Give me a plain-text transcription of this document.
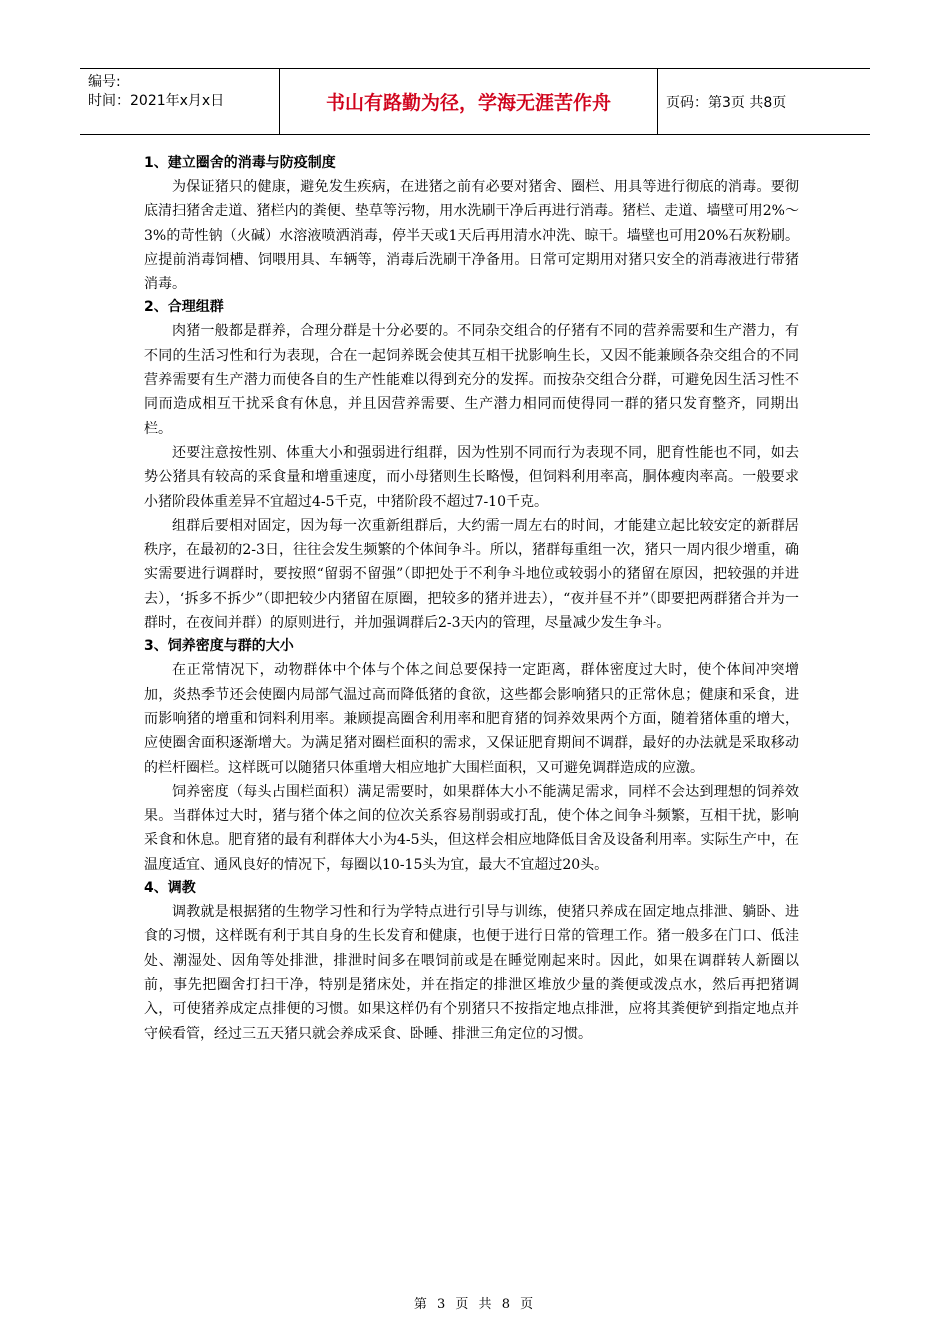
编号:
时间：2021年x月x日	书山有路勤为径，学海无涯苦作舟	页码：第3页 共8页
1、建立圈舍的消毒与防疫制度

为保证猪只的健康，避免发生疾病，在进猪之前有必要对猪舍、圈栏、用具等进行彻底的消毒。要彻底清扫猪舍走道、猪栏内的粪便、垫草等污物，用水洗刷干净后再进行消毒。猪栏、走道、墙壁可用2%～3%的苛性钠（火碱）水溶液喷洒消毒，停半天或1天后再用清水冲洗、晾干。墙壁也可用20%石灰粉刷。应提前消毒饲槽、饲喂用具、车辆等，消毒后洗刷干净备用。日常可定期用对猪只安全的消毒液进行带猪消毒。

2、合理组群

肉猪一般都是群养，合理分群是十分必要的。不同杂交组合的仔猪有不同的营养需要和生产潜力，有不同的生活习性和行为表现，合在一起饲养既会使其互相干扰影响生长，又因不能兼顾各杂交组合的不同营养需要有生产潜力而使各自的生产性能难以得到充分的发挥。而按杂交组合分群，可避免因生活习性不同而造成相互干扰采食有休息，并且因营养需要、生产潜力相同而使得同一群的猪只发育整齐，同期出栏。

还要注意按性别、体重大小和强弱进行组群，因为性别不同而行为表现不同，肥育性能也不同，如去势公猪具有较高的采食量和增重速度，而小母猪则生长略慢，但饲料利用率高，胴体瘦肉率高。一般要求小猪阶段体重差异不宜超过4-5千克，中猪阶段不超过7-10千克。

组群后要相对固定，因为每一次重新组群后，大约需一周左右的时间，才能建立起比较安定的新群居秩序，在最初的2-3日，往往会发生频繁的个体间争斗。所以，猪群每重组一次，猪只一周内很少增重，确实需要进行调群时，要按照“留弱不留强”（即把处于不利争斗地位或较弱小的猪留在原因，把较强的并进去），‘拆多不拆少”（即把较少内猪留在原圈，把较多的猪并进去），“夜并昼不并”（即要把两群猪合并为一群时，在夜间并群）的原则进行，并加强调群后2-3天内的管理，尽量减少发生争斗。

3、饲养密度与群的大小

在正常情况下，动物群体中个体与个体之间总要保持一定距离，群体密度过大时，使个体间冲突增加，炎热季节还会使圈内局部气温过高而降低猪的食欲，这些都会影响猪只的正常休息；健康和采食，进而影响猪的增重和饲料利用率。兼顾提高圈舍利用率和肥育猪的饲养效果两个方面，随着猪体重的增大，应使圈舍面积逐渐增大。为满足猪对圈栏面积的需求，又保证肥育期间不调群，最好的办法就是采取移动的栏杆圈栏。这样既可以随猪只体重增大相应地扩大围栏面积，又可避免调群造成的应激。

饲养密度（每头占围栏面积）满足需要时，如果群体大小不能满足需求，同样不会达到理想的饲养效果。当群体过大时，猪与猪个体之间的位次关系容易削弱或打乱，使个体之间争斗频繁，互相干扰，影响采食和休息。肥育猪的最有利群体大小为4-5头，但这样会相应地降低目舍及设备利用率。实际生产中，在温度适宜、通风良好的情况下，每圈以10-15头为宜，最大不宜超过20头。

4、调教

调教就是根据猪的生物学习性和行为学特点进行引导与训练，使猪只养成在固定地点排泄、躺卧、进食的习惯，这样既有利于其自身的生长发育和健康，也便于进行日常的管理工作。猪一般多在门口、低洼处、潮湿处、因角等处排泄，排泄时间多在喂饲前或是在睡觉刚起来时。因此，如果在调群转人新圈以前，事先把圈舍打扫干净，特别是猪床处，并在指定的排泄区堆放少量的粪便或泼点水，然后再把猪调入，可使猪养成定点排便的习惯。如果这样仍有个别猪只不按指定地点排泄，应将其粪便铲到指定地点并守候看管，经过三五天猪只就会养成采食、卧睡、排泄三角定位的习惯。

第 3 页 共 8 页
